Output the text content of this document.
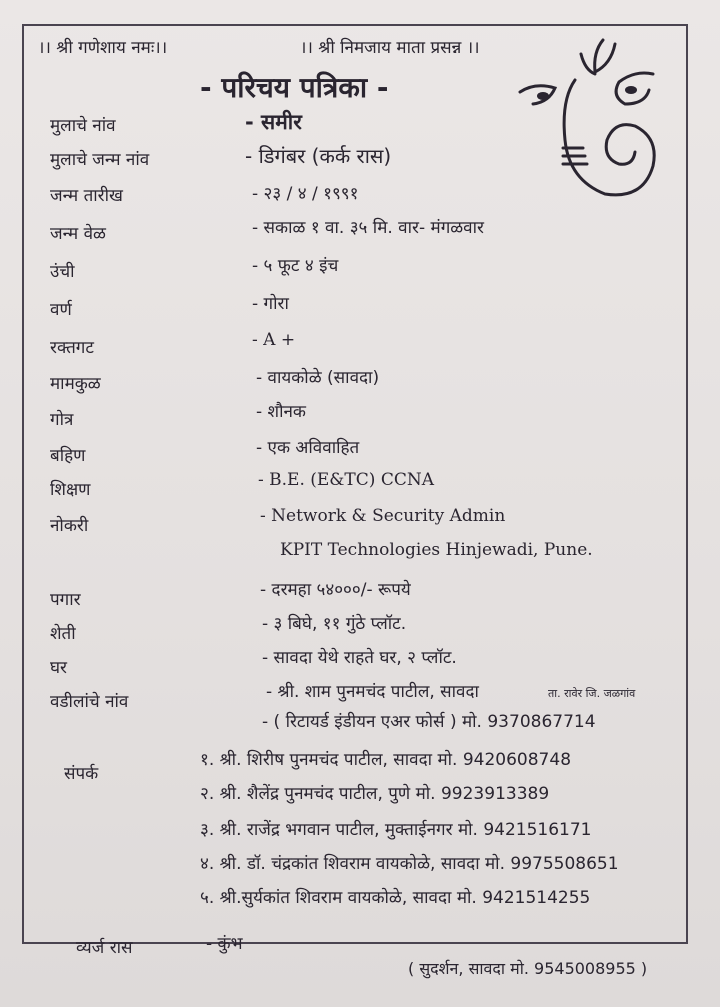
।। श्री गणेशाय नमः।।	।। श्री निमजाय माता प्रसन्न ।।
- परिचय पत्रिका -
मुलाचे नांव	- समीर
मुलाचे जन्म नांव	- डिगंबर (कर्क रास)
जन्म तारीख	- २३ / ४ / १९९१
जन्म वेळ	- सकाळ १ वा. ३५ मि. वार- मंगळवार
उंची	- ५ फूट ४ इंच
वर्ण	- गोरा
रक्तगट	- A +
मामकुळ	- वायकोळे (सावदा)
गोत्र	- शौनक
बहिण	- एक अविवाहित
शिक्षण	- B.E. (E&TC) CCNA
नोकरी	- Network & Security Admin
KPIT Technologies Hinjewadi, Pune.
पगार	- दरमहा ५४०००/- रूपये
शेती	- ३ बिघे, ११ गुंठे प्लॉट.
घर	- सावदा येथे राहते घर, २ प्लॉट.
वडीलांचे नांव	- श्री. शाम पुनमचंद पाटील, सावदा	ता. रावेर जि. जळगांव
- ( रिटायर्ड इंडीयन एअर फोर्स ) मो. 9370867714
संपर्क
१. श्री. शिरीष पुनमचंद पाटील, सावदा मो. 9420608748
२. श्री. शैलेंद्र पुनमचंद पाटील, पुणे मो. 9923913389
३. श्री. राजेंद्र भगवान पाटील, मुक्ताईनगर मो. 9421516171
४. श्री. डॉ. चंद्रकांत शिवराम वायकोळे, सावदा मो. 9975508651
५. श्री.सुर्यकांत शिवराम वायकोळे, सावदा मो. 9421514255
व्यर्ज रास	- कुंभ
( सुदर्शन, सावदा मो. 9545008955 )
